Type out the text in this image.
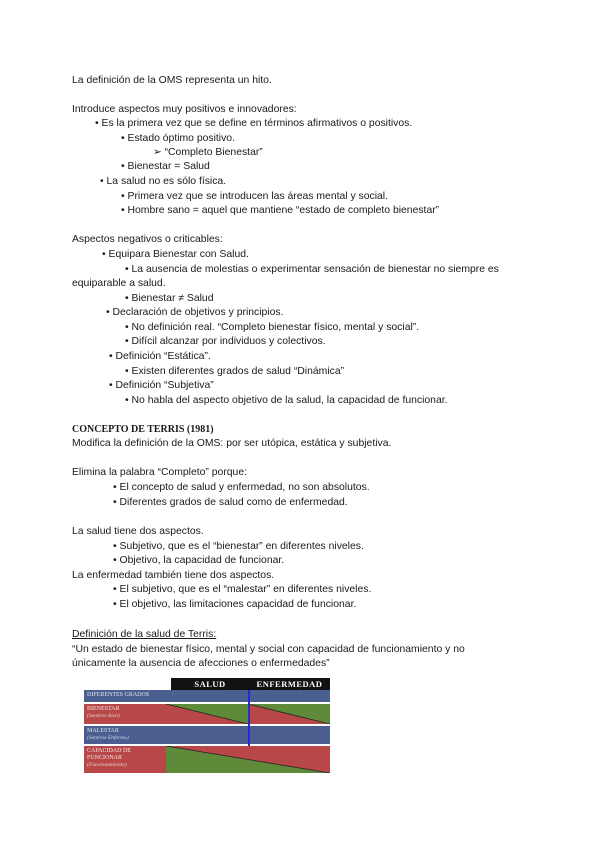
La definición de la OMS representa un hito.
Introduce aspectos muy positivos e innovadores:
• Es la primera vez que se define en términos afirmativos o positivos.
• Estado óptimo positivo.
➢ “Completo Bienestar”
• Bienestar = Salud
• La salud no es sólo física.
• Primera vez que se introducen las áreas mental y social.
• Hombre sano = aquel que mantiene “estado de completo bienestar”
Aspectos negativos o criticables:
• Equipara Bienestar con Salud.
• La ausencia de molestias o experimentar sensación de bienestar no siempre es
equiparable a salud.
• Bienestar ≠ Salud
• Declaración de objetivos y principios.
• No definición real. “Completo bienestar físico, mental y social”.
• Difícil alcanzar por individuos y colectivos.
• Definición “Estática”.
• Existen diferentes grados de salud “Dinámica”
• Definición “Subjetiva”
• No habla del aspecto objetivo de la salud, la capacidad de funcionar.
CONCEPTO DE TERRIS (1981)
Modifica la definición de la OMS: por ser utópica, estática y subjetiva.
Elimina la palabra “Completo” porque:
• El concepto de salud y enfermedad, no son absolutos.
• Diferentes grados de salud como de enfermedad.
La salud tiene dos aspectos.
• Subjetivo, que es el “bienestar” en diferentes niveles.
• Objetivo, la capacidad de funcionar.
La enfermedad también tiene dos aspectos.
• El subjetivo, que es el “malestar” en diferentes niveles.
• El objetivo, las limitaciones capacidad de funcionar.
Definición de la salud de Terris:
“Un estado de bienestar físico, mental y social con capacidad de funcionamiento y no
únicamente la ausencia de afecciones o enfermedades”
SALUD	ENFERMEDAD
DIFERENTES GRADOS	· · · · · ·	· · · · · ·
BIENESTAR
(Sentirse Bien)
MALESTAR
(Sentirse Enfermo)
CAPACIDAD DE FUNCIONAR
(Funcionamiento)
